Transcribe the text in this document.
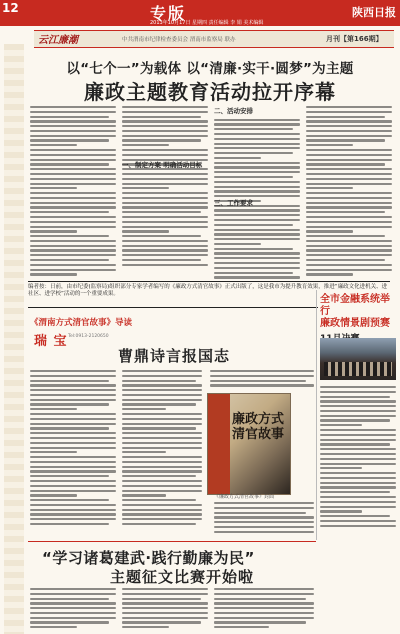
12	专版
2013年10月17日 星期四 责任编辑 李 娟 美术编辑
陕西日报
云江廉潮	中共渭南市纪律检查委员会 渭南市监察局 联办	月刊【第166期】
以“七个一”为载体 以“清廉·实干·圆梦”为主题
廉政主题教育活动拉开序幕
一、制定方案 明确活动目标
二、活动安排
三、工作要求
编者按：日前，由市纪委(监察局)组织部分专家学者编写的《廉政方式清官故事》正式出版了，这是我市为提升教育效果，推进“廉政文化进机关、进社区、进学校”活动的一个重要成果。
《渭南方式清官故事》导读
瑞 宝 Tel:0913-2120650
曹鼎诗言报国志
廉政方式清官故事
《廉政方式清官故事》封面
全市金融系统举行
廉政情景剧预赛
“学习诸葛建武·践行勤廉为民”
主题征文比赛开始啦
